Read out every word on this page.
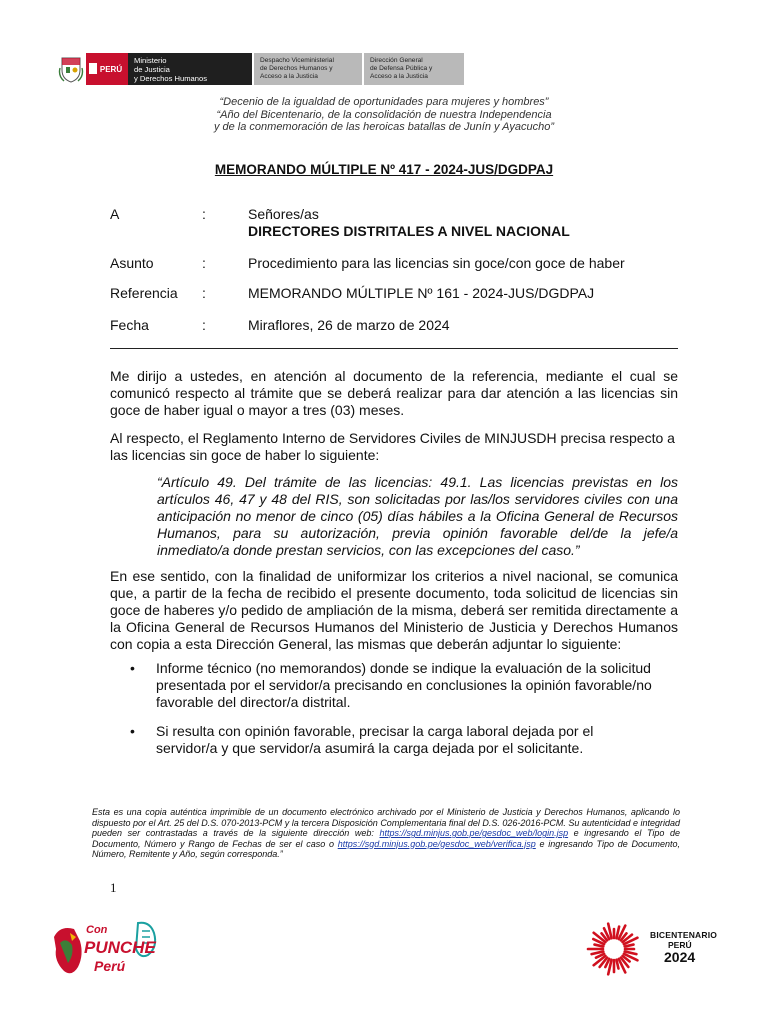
PERÚ
Ministerio
de Justicia
y Derechos Humanos
Despacho Viceministerial
de Derechos Humanos y
Acceso a la Justicia
Dirección General
de Defensa Pública y
Acceso a la Justicia
“Decenio de la igualdad de oportunidades para mujeres y hombres”
“Año del Bicentenario, de la consolidación de nuestra Independencia
y de la conmemoración de las heroicas batallas de Junín y Ayacucho”
MEMORANDO MÚLTIPLE Nº 417 - 2024-JUS/DGDPAJ
A	:	Señores/as
DIRECTORES DISTRITALES A NIVEL NACIONAL
Asunto	:	Procedimiento para las licencias sin goce/con goce de haber
Referencia :	MEMORANDO MÚLTIPLE Nº 161 - 2024-JUS/DGDPAJ
Fecha	:	Miraflores, 26 de marzo de 2024
Me dirijo a ustedes, en atención al documento de la referencia, mediante el cual se comunicó respecto al trámite que se deberá realizar para dar atención a las licencias sin goce de haber igual o mayor a tres (03) meses.
Al respecto, el Reglamento Interno de Servidores Civiles de MINJUSDH precisa respecto a las licencias sin goce de haber lo siguiente:
“Artículo 49. Del trámite de las licencias: 49.1. Las licencias previstas en los artículos 46, 47 y 48 del RIS, son solicitadas por las/los servidores civiles con una anticipación no menor de cinco (05) días hábiles a la Oficina General de Recursos Humanos, para su autorización, previa opinión favorable del/de la jefe/a inmediato/a donde prestan servicios, con las excepciones del caso.”
En ese sentido, con la finalidad de uniformizar los criterios a nivel nacional, se comunica que, a partir de la fecha de recibido el presente documento, toda solicitud de licencias sin goce de haberes y/o pedido de ampliación de la misma, deberá ser remitida directamente a la Oficina General de Recursos Humanos del Ministerio de Justicia y Derechos Humanos con copia a esta Dirección General, las mismas que deberán adjuntar lo siguiente:
• Informe técnico (no memorandos) donde se indique la evaluación de la solicitud presentada por el servidor/a precisando en conclusiones la opinión favorable/no favorable del director/a distrital.
• Si resulta con opinión favorable, precisar la carga laboral dejada por el servidor/a y que servidor/a asumirá la carga dejada por el solicitante.
Esta es una copia auténtica imprimible de un documento electrónico archivado por el Ministerio de Justicia y Derechos Humanos, aplicando lo dispuesto por el Art. 25 del D.S. 070-2013-PCM y la tercera Disposición Complementaria final del D.S. 026-2016-PCM. Su autenticidad e integridad pueden ser contrastadas a través de la siguiente dirección web: https://sgd.minjus.gob.pe/gesdoc_web/login.jsp e ingresando el Tipo de Documento, Número y Rango de Fechas de ser el caso o https://sgd.minjus.gob.pe/gesdoc_web/verifica.jsp e ingresando Tipo de Documento, Número, Remitente y Año, según corresponda.”
1
Con
PUNCHE
Perú
BICENTENARIO
PERÚ
2024
